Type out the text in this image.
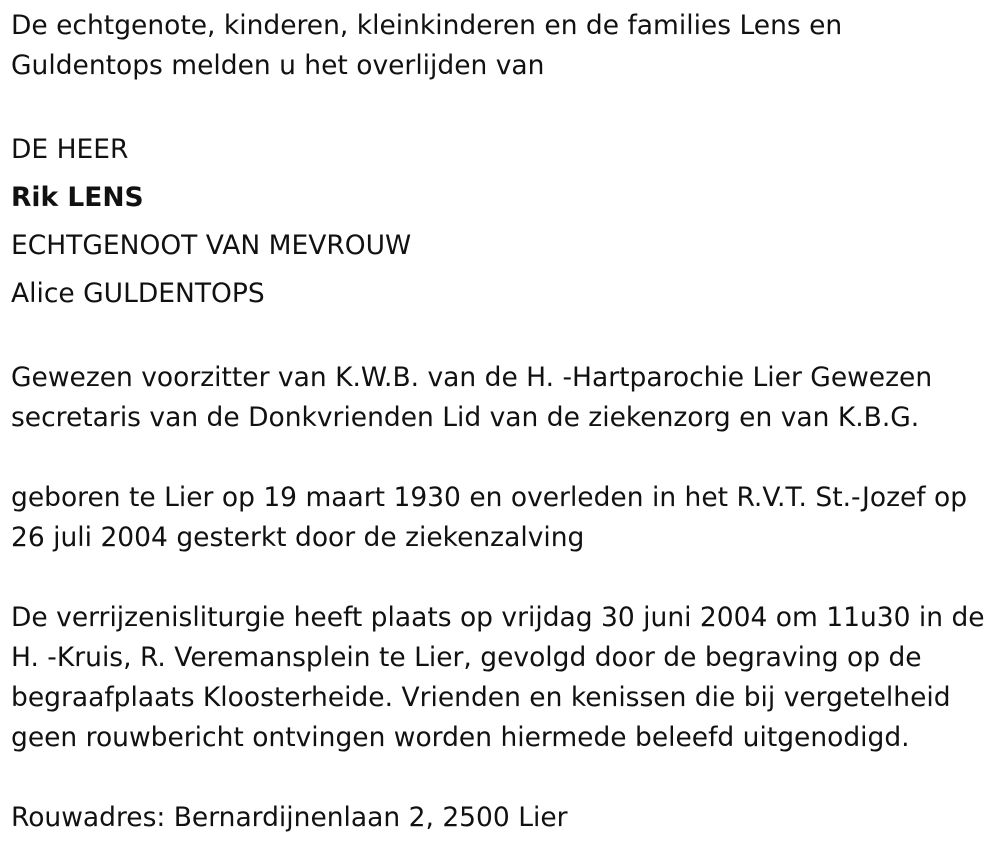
De echtgenote, kinderen, kleinkinderen en de families Lens en
Guldentops melden u het overlijden van
DE HEER
Rik LENS
ECHTGENOOT VAN MEVROUW
Alice GULDENTOPS
Gewezen voorzitter van K.W.B. van de H. -Hartparochie Lier Gewezen
secretaris van de Donkvrienden Lid van de ziekenzorg en van K.B.G.
geboren te Lier op 19 maart 1930 en overleden in het R.V.T. St.-Jozef op
26 juli 2004 gesterkt door de ziekenzalving
De verrijzenisliturgie heeft plaats op vrijdag 30 juni 2004 om 11u30 in de
H. -Kruis, R. Veremansplein te Lier, gevolgd door de begraving op de
begraafplaats Kloosterheide. Vrienden en kenissen die bij vergetelheid
geen rouwbericht ontvingen worden hiermede beleefd uitgenodigd.
Rouwadres: Bernardijnenlaan 2, 2500 Lier
